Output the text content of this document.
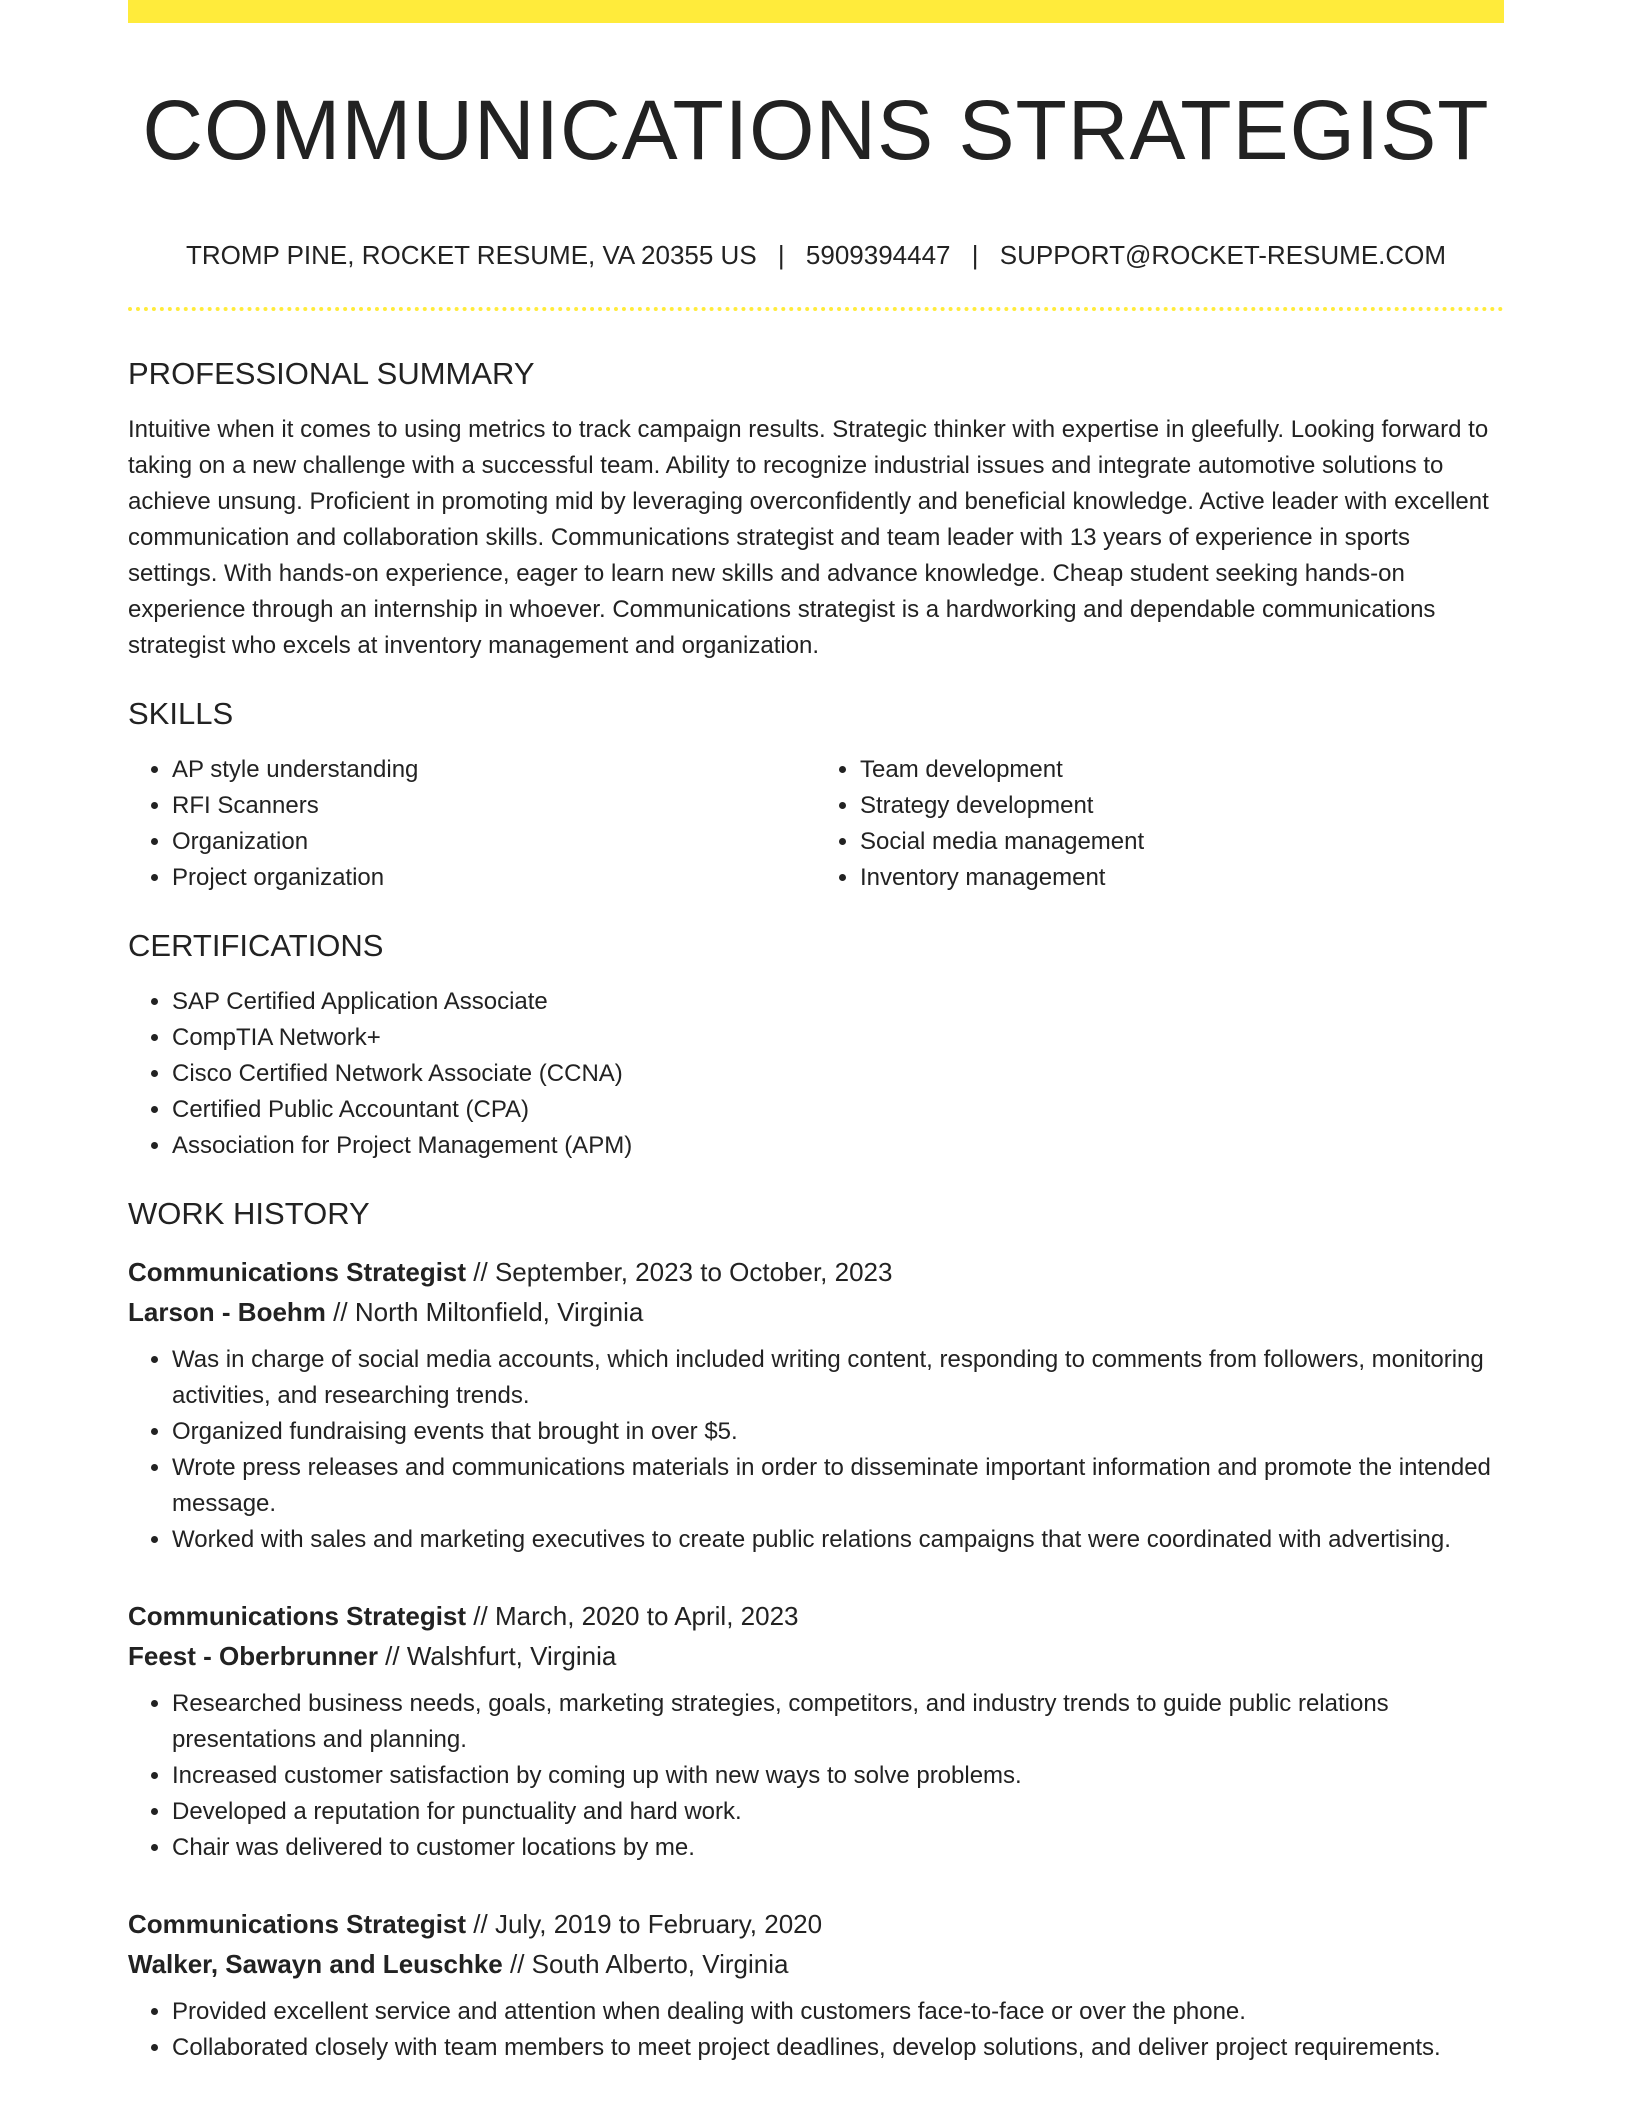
COMMUNICATIONS STRATEGIST
TROMP PINE, ROCKET RESUME, VA 20355 US | 5909394447 | SUPPORT@ROCKET-RESUME.COM
PROFESSIONAL SUMMARY

Intuitive when it comes to using metrics to track campaign results. Strategic thinker with expertise in gleefully. Looking forward to taking on a new challenge with a successful team. Ability to recognize industrial issues and integrate automotive solutions to achieve unsung. Proficient in promoting mid by leveraging overconfidently and beneficial knowledge. Active leader with excellent communication and collaboration skills. Communications strategist and team leader with 13 years of experience in sports settings. With hands-on experience, eager to learn new skills and advance knowledge. Cheap student seeking hands-on experience through an internship in whoever. Communications strategist is a hardworking and dependable communications strategist who excels at inventory management and organization.

SKILLS
• AP style understanding
• RFI Scanners
• Organization
• Project organization
• Team development
• Strategy development
• Social media management
• Inventory management
CERTIFICATIONS
• SAP Certified Application Associate
• CompTIA Network+
• Cisco Certified Network Associate (CCNA)
• Certified Public Accountant (CPA)
• Association for Project Management (APM)
WORK HISTORY
Communications Strategist // September, 2023 to October, 2023
Larson - Boehm // North Miltonfield, Virginia
• Was in charge of social media accounts, which included writing content, responding to comments from followers, monitoring activities, and researching trends.
• Organized fundraising events that brought in over $5.
• Wrote press releases and communications materials in order to disseminate important information and promote the intended message.
• Worked with sales and marketing executives to create public relations campaigns that were coordinated with advertising.
Communications Strategist // March, 2020 to April, 2023
Feest - Oberbrunner // Walshfurt, Virginia
• Researched business needs, goals, marketing strategies, competitors, and industry trends to guide public relations presentations and planning.
• Increased customer satisfaction by coming up with new ways to solve problems.
• Developed a reputation for punctuality and hard work.
• Chair was delivered to customer locations by me.
Communications Strategist // July, 2019 to February, 2020
Walker, Sawayn and Leuschke // South Alberto, Virginia
• Provided excellent service and attention when dealing with customers face-to-face or over the phone.
• Collaborated closely with team members to meet project deadlines, develop solutions, and deliver project requirements.
